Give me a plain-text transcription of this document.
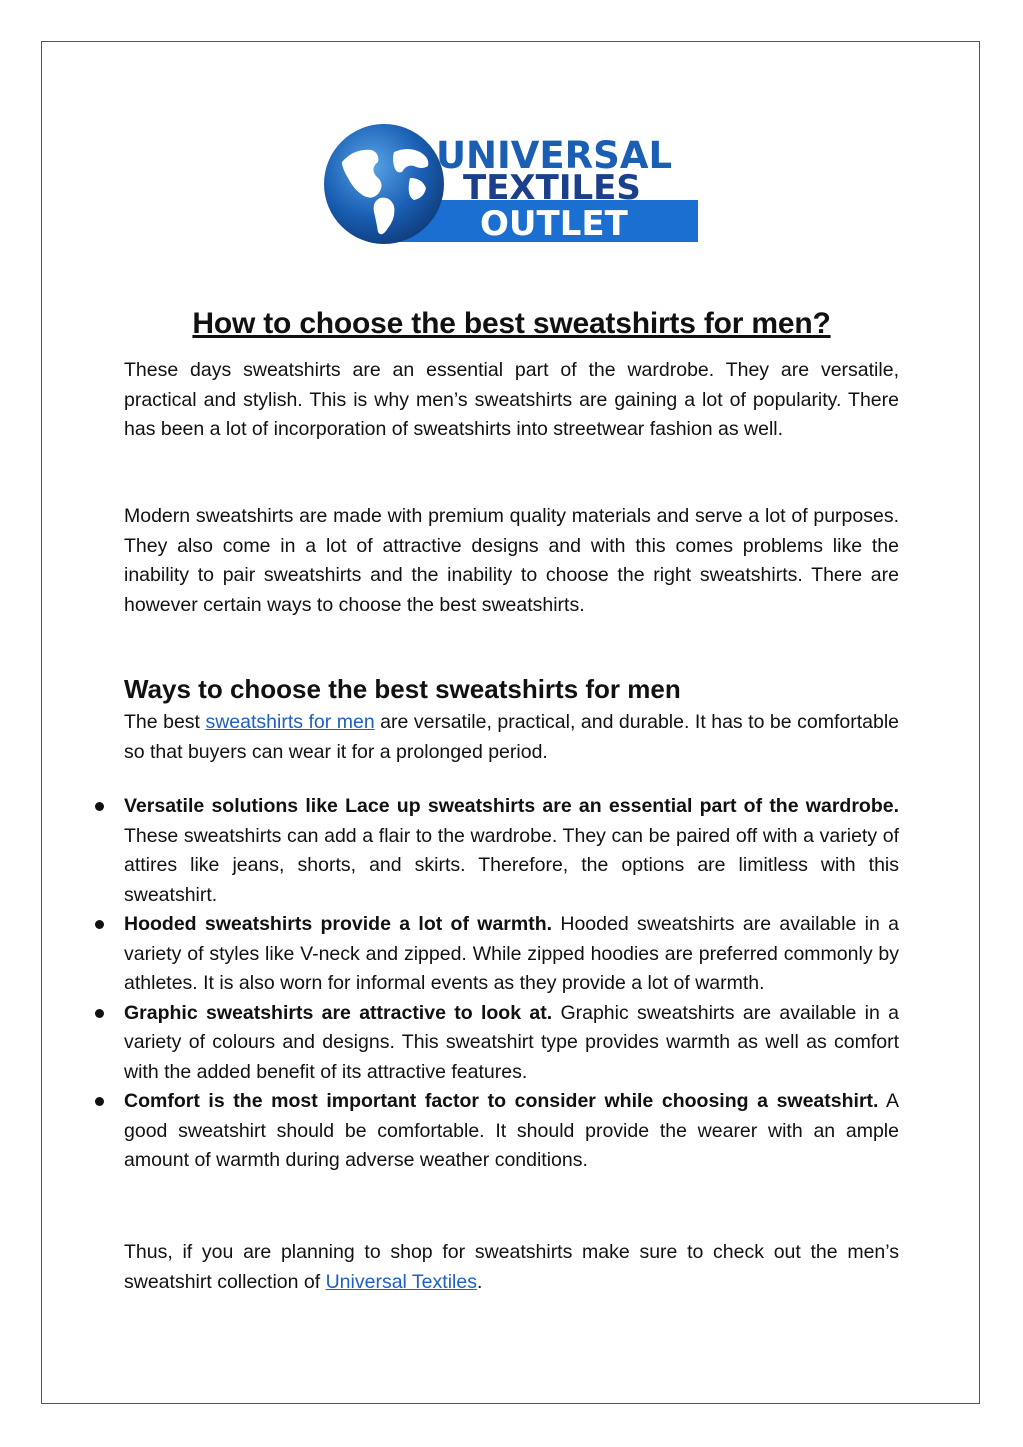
UNIVERSAL
TEXTILES
OUTLET
How to choose the best sweatshirts for men?

These days sweatshirts are an essential part of the wardrobe. They are versatile, practical and stylish. This is why men’s sweatshirts are gaining a lot of popularity. There has been a lot of incorporation of sweatshirts into streetwear fashion as well.

Modern sweatshirts are made with premium quality materials and serve a lot of purposes. They also come in a lot of attractive designs and with this comes problems like the inability to pair sweatshirts and the inability to choose the right sweatshirts. There are however certain ways to choose the best sweatshirts.

Ways to choose the best sweatshirts for men

The best sweatshirts for men are versatile, practical, and durable. It has to be comfortable so that buyers can wear it for a prolonged period.

Versatile solutions like Lace up sweatshirts are an essential part of the wardrobe. These sweatshirts can add a flair to the wardrobe. They can be paired off with a variety of attires like jeans, shorts, and skirts. Therefore, the options are limitless with this sweatshirt.
Hooded sweatshirts provide a lot of warmth. Hooded sweatshirts are available in a variety of styles like V-neck and zipped. While zipped hoodies are preferred commonly by athletes. It is also worn for informal events as they provide a lot of warmth.
Graphic sweatshirts are attractive to look at. Graphic sweatshirts are available in a variety of colours and designs. This sweatshirt type provides warmth as well as comfort with the added benefit of its attractive features.
Comfort is the most important factor to consider while choosing a sweatshirt. A good sweatshirt should be comfortable. It should provide the wearer with an ample amount of warmth during adverse weather conditions.

Thus, if you are planning to shop for sweatshirts make sure to check out the men’s sweatshirt collection of Universal Textiles.
